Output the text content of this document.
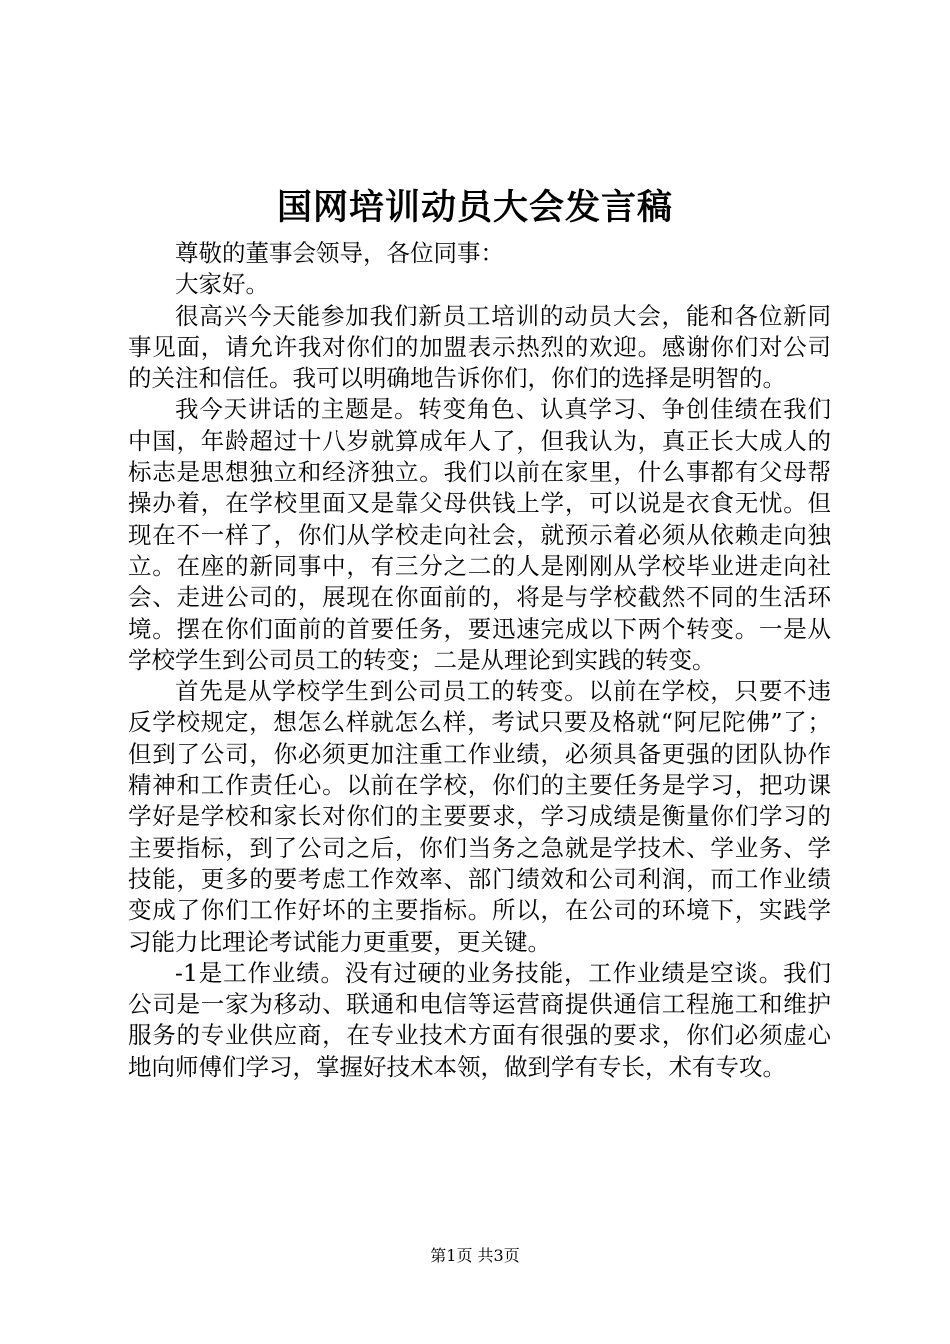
国网培训动员大会发言稿

尊敬的董事会领导，各位同事：

大家好。

很高兴今天能参加我们新员工培训的动员大会，能和各位新同事见面，请允许我对你们的加盟表示热烈的欢迎。感谢你们对公司的关注和信任。我可以明确地告诉你们，你们的选择是明智的。

我今天讲话的主题是。转变角色、认真学习、争创佳绩在我们中国，年龄超过十八岁就算成年人了，但我认为，真正长大成人的标志是思想独立和经济独立。我们以前在家里，什么事都有父母帮操办着，在学校里面又是靠父母供钱上学，可以说是衣食无忧。但现在不一样了，你们从学校走向社会，就预示着必须从依赖走向独立。在座的新同事中，有三分之二的人是刚刚从学校毕业进走向社会、走进公司的，展现在你面前的，将是与学校截然不同的生活环境。摆在你们面前的首要任务，要迅速完成以下两个转变。一是从学校学生到公司员工的转变；二是从理论到实践的转变。

首先是从学校学生到公司员工的转变。以前在学校，只要不违反学校规定，想怎么样就怎么样，考试只要及格就“阿尼陀佛”了；但到了公司，你必须更加注重工作业绩，必须具备更强的团队协作精神和工作责任心。以前在学校，你们的主要任务是学习，把功课学好是学校和家长对你们的主要要求，学习成绩是衡量你们学习的主要指标，到了公司之后，你们当务之急就是学技术、学业务、学技能，更多的要考虑工作效率、部门绩效和公司利润，而工作业绩变成了你们工作好坏的主要指标。所以，在公司的环境下，实践学习能力比理论考试能力更重要，更关键。

-1是工作业绩。没有过硬的业务技能，工作业绩是空谈。我们公司是一家为移动、联通和电信等运营商提供通信工程施工和维护服务的专业供应商，在专业技术方面有很强的要求，你们必须虚心地向师傅们学习，掌握好技术本领，做到学有专长，术有专攻。

第1页 共3页
